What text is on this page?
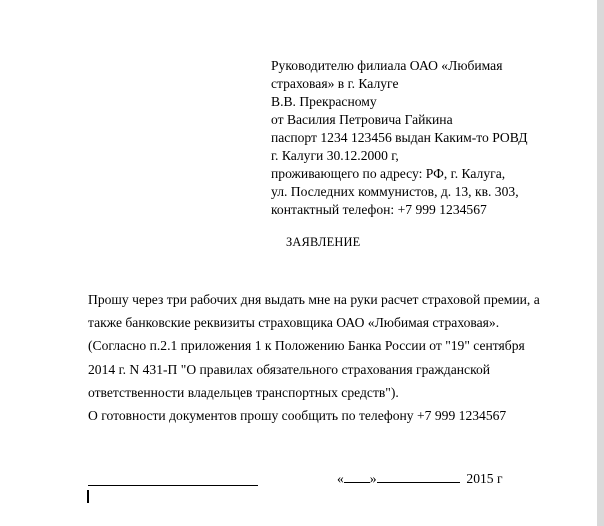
Руководителю филиала ОАО «Любимая
страховая» в г. Калуге
В.В. Прекрасному
от Василия Петровича Гайкина
паспорт 1234 123456 выдан Каким-то РОВД
г. Калуги 30.12.2000 г,
проживающего по адресу: РФ, г. Калуга,
ул. Последних коммунистов, д. 13, кв. 303,
контактный телефон: +7 999 1234567
ЗАЯВЛЕНИЕ
Прошу через три рабочих дня выдать мне на руки расчет страховой премии, а
также банковские реквизиты страховщика ОАО «Любимая страховая».
(Согласно п.2.1 приложения 1 к Положению Банка России от "19" сентября
2014 г. N 431-П "О правилах обязательного страхования гражданской
ответственности владельцев транспортных средств").
О готовности документов прошу сообщить по телефону +7 999 1234567
« »	2015 г
